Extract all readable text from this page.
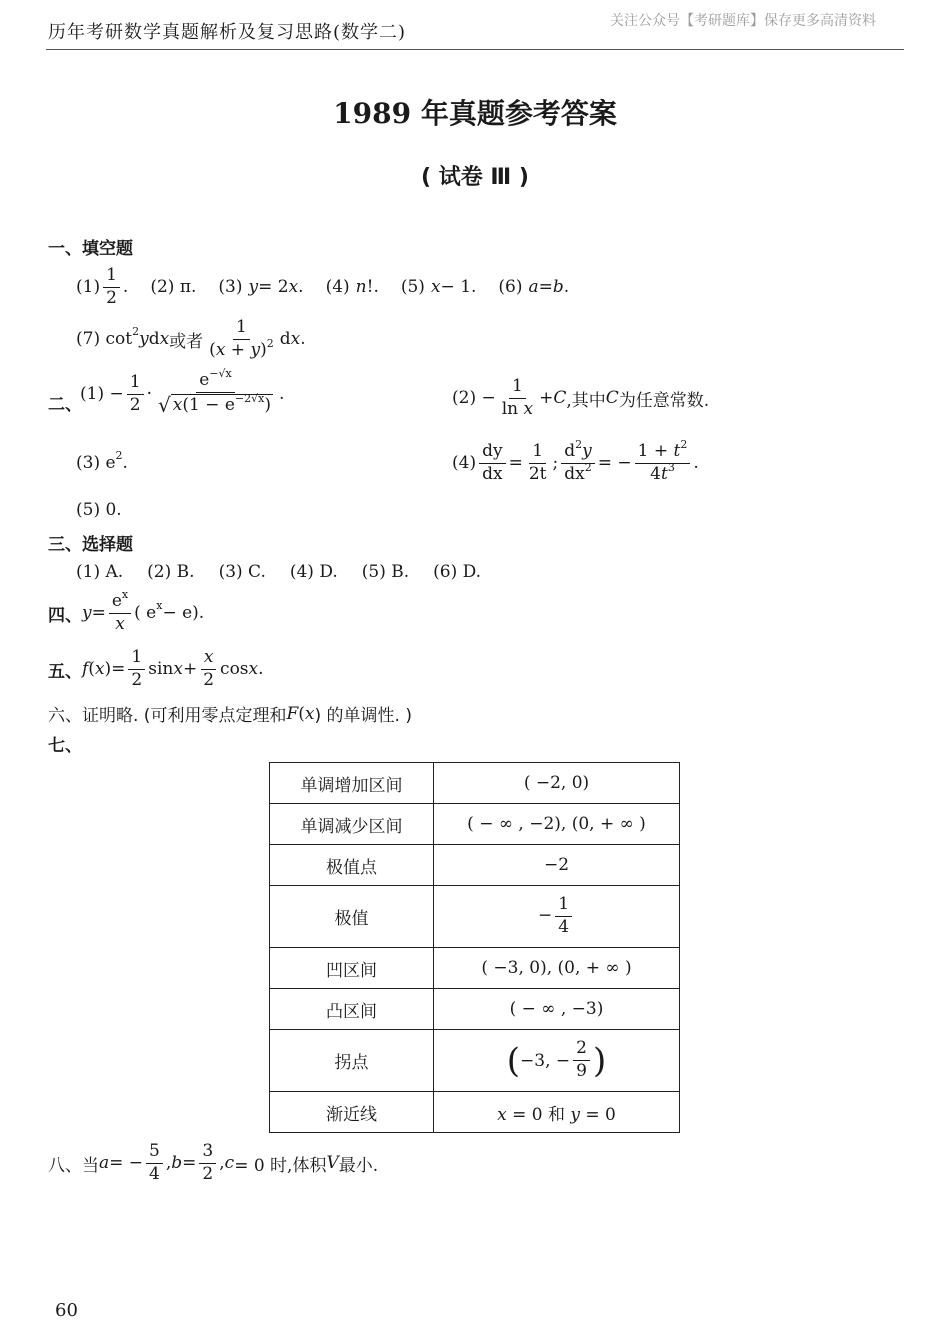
历年考研数学真题解析及复习思路(数学二)
关注公众号【考研题库】保存更多高清资料
1989 年真题参考答案
( 试卷 Ⅲ )
一、填空题
$(1) \frac{1}{2}$ . (2) π. (3) y = 2 x . (4) n !. (5) x − 1. (6) a = b .
(7) cot 2 y d x 或者 $\frac{1}{(x + y)^2}$ d x .
二、
$(1) - \frac{1}{2} \cdot \frac{e^{-√x}}{√ x(1 - e^{-2√x})}$ .	$(2) - \frac{1}{\text{ln x}} + C$ ,其中 C 为任意常数.
(3) e 2 .	$(4) \frac{dy}{dx} = \frac{1}{2t}$ ; $\frac{d^2y}{dx^2}$ = − $\frac{1 + t^2}{4t^3}$ .
(5) 0.
三、选择题
(1) A. (2) B. (3) C. (4) D. (5) B. (6) D.
四、 $y = \frac{e^x}{x}$ ( e x − e).
五、 f ( x ) = $\frac{1}{2}$ $\sin x + \frac{x}{2}$ cos x .
六、证明略. (可利用零点定理和 F ( x ) 的单调性. )
七、
单调增加区间	( −2, 0)
单调减少区间	( − ∞ , −2), (0, + ∞ )
极值点	−2
极值	− $\frac{1}{4}$

凹区间	( −3, 0), (0, + ∞ )
凸区间	( − ∞ , −3)
拐点	( −3, − $\frac{2}{9}$ )

渐近线	x = 0 和 y = 0
八、当 a = − $\frac{5}{4}$ , $b = \frac{3}{2}$ , c = 0 时,体积 V 最小.
60
